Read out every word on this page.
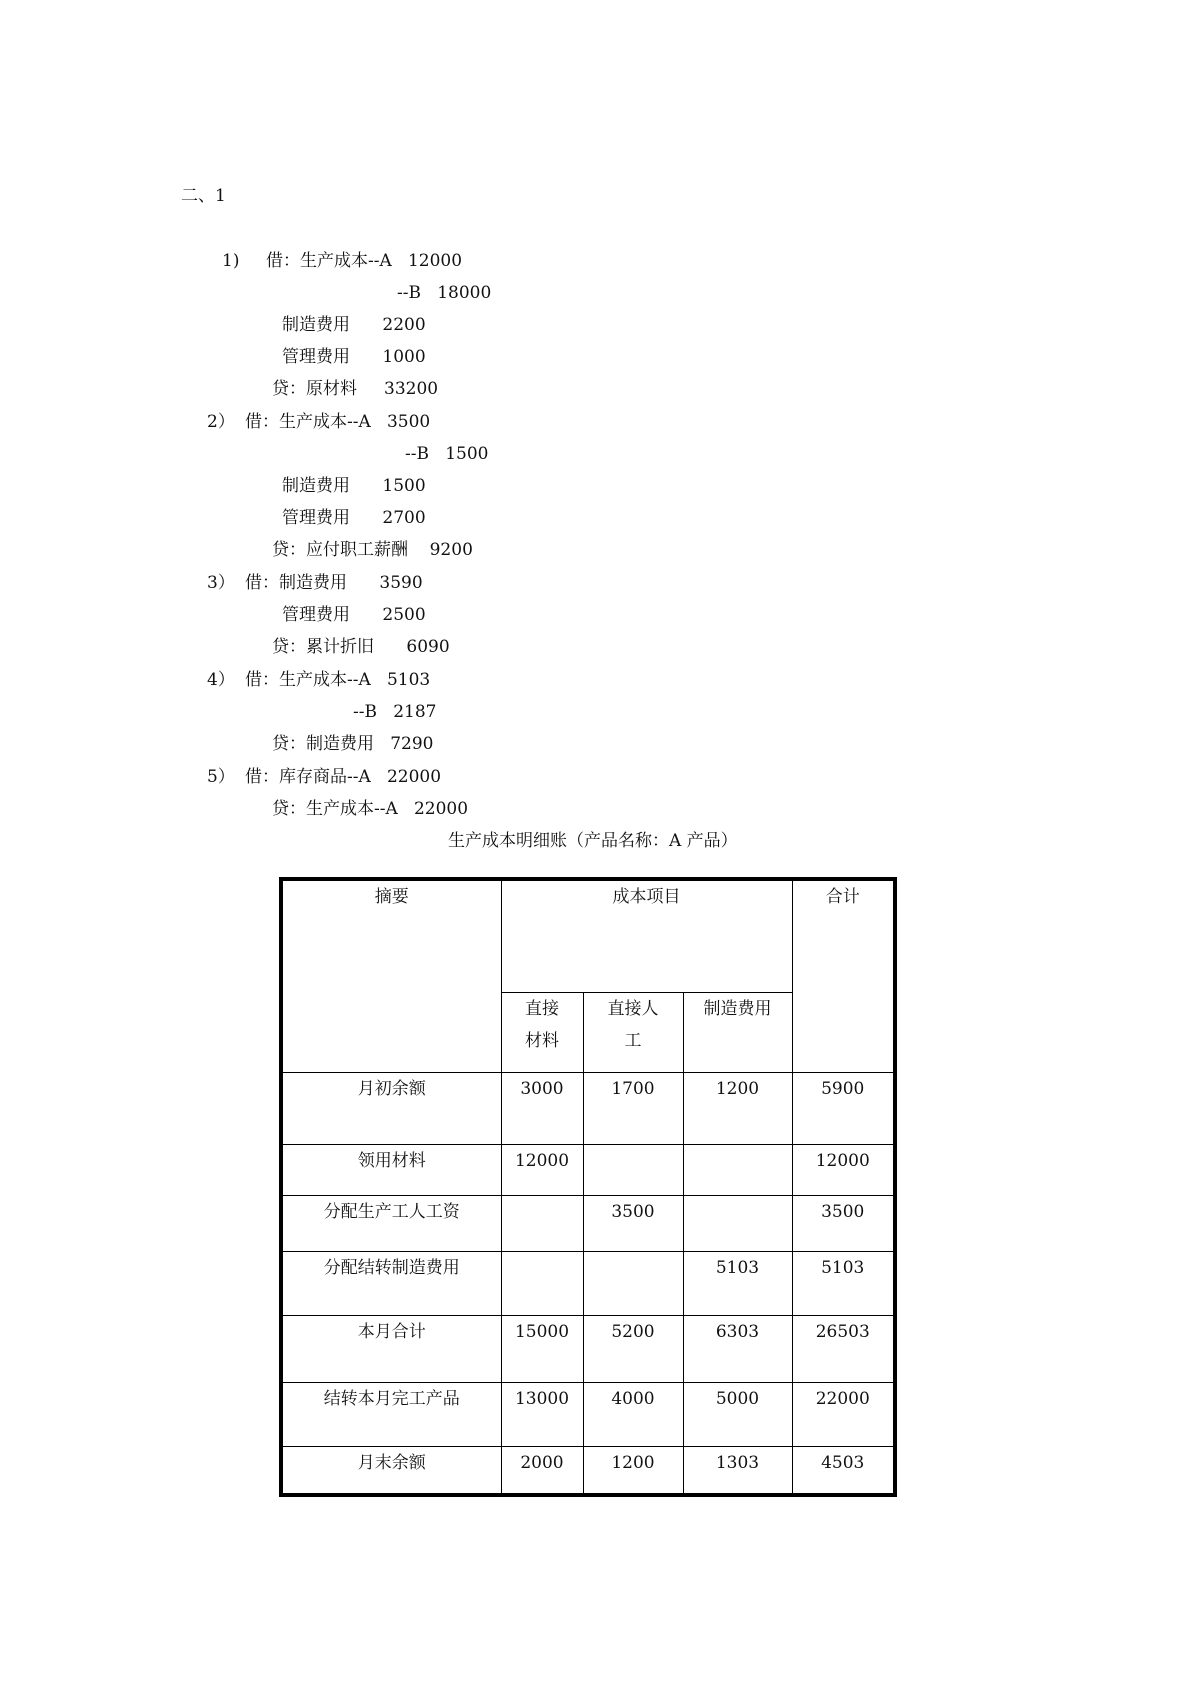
二、1
1) 借：生产成本--A   12000
--B   18000
制造费用      2200
管理费用      1000
贷：原材料     33200
2） 借：生产成本--A   3500
--B   1500
制造费用      1500
管理费用      2700
贷：应付职工薪酬    9200
3） 借：制造费用      3590
管理费用      2500
贷：累计折旧      6090
4） 借：生产成本--A   5103
--B   2187
贷：制造费用   7290
5） 借：库存商品--A   22000
贷：生产成本--A   22000
生产成本明细账（产品名称：A 产品）
摘要	成本项目			合计
	直接材料	直接人工	制造费用	
月初余额	3000	1700	1200	5900
领用材料	12000			12000
分配生产工人工资		3500		3500
分配结转制造费用			5103	5103
本月合计	15000	5200	6303	26503
结转本月完工产品	13000	4000	5000	22000
月末余额	2000	1200	1303	4503
